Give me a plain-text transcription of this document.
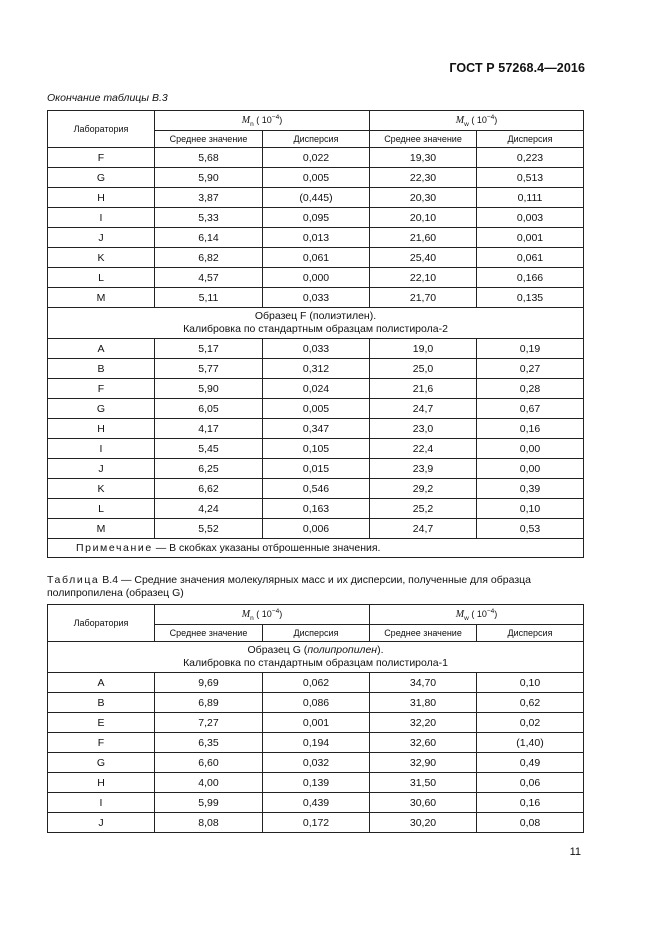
ГОСТ Р 57268.4—2016
Окончание таблицы В.3
Лаборатория	$M_n$ ( $10^{-4}$)		$M_w$ ( $10^{-4}$)	
	Среднее значение	Дисперсия	Среднее значение	Дисперсия
F	5,68	0,022	19,30	0,223
G	5,90	0,005	22,30	0,513
H	3,87	(0,445)	20,30	0,111
I	5,33	0,095	20,10	0,003
J	6,14	0,013	21,60	0,001
K	6,82	0,061	25,40	0,061
L	4,57	0,000	22,10	0,166
M	5,11	0,033	21,70	0,135
Образец F (полиэтилен).
Калибровка по стандартным образцам полистирола-2				
A	5,17	0,033	19,0	0,19
B	5,77	0,312	25,0	0,27
F	5,90	0,024	21,6	0,28
G	6,05	0,005	24,7	0,67
H	4,17	0,347	23,0	0,16
I	5,45	0,105	22,4	0,00
J	6,25	0,015	23,9	0,00
K	6,62	0,546	29,2	0,39
L	4,24	0,163	25,2	0,10
M	5,52	0,006	24,7	0,53
Примечание — В скобках указаны отброшенные значения.				
Таблица В.4 — Средние значения молекулярных масс и их дисперсии, полученные для образца полипропилена (образец G)
Лаборатория	$M_n$ ( $10^{-4}$)		$M_w$ ( $10^{-4}$)	
	Среднее значение	Дисперсия	Среднее значение	Дисперсия
Образец G (полипропилен).
Калибровка по стандартным образцам полистирола-1				
A	9,69	0,062	34,70	0,10
B	6,89	0,086	31,80	0,62
E	7,27	0,001	32,20	0,02
F	6,35	0,194	32,60	(1,40)
G	6,60	0,032	32,90	0,49
H	4,00	0,139	31,50	0,06
I	5,99	0,439	30,60	0,16
J	8,08	0,172	30,20	0,08
11
